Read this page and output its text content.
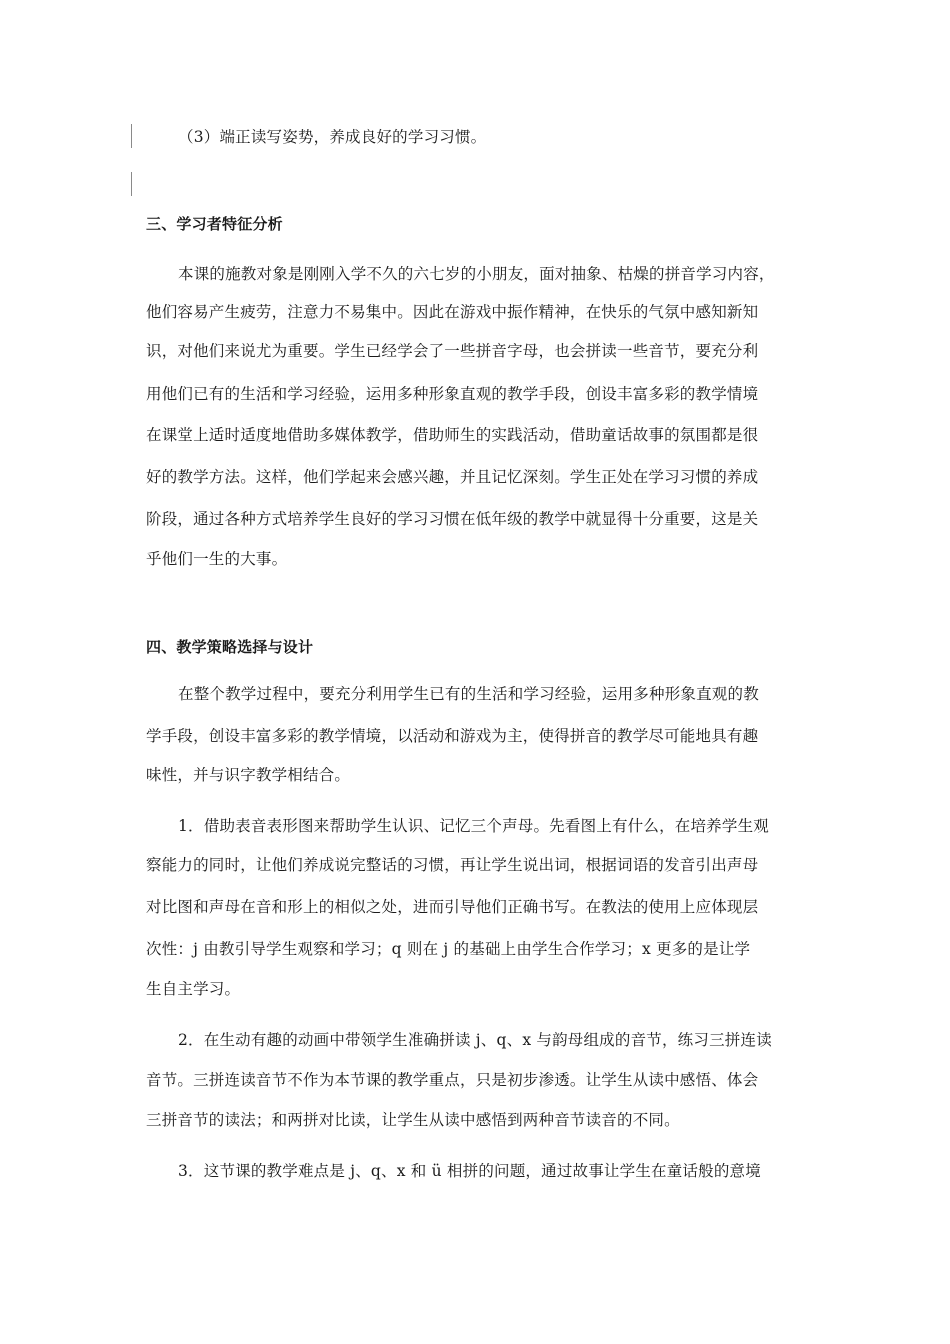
（3）端正读写姿势，养成良好的学习习惯。
三、学习者特征分析
本课的施教对象是刚刚入学不久的六七岁的小朋友，面对抽象、枯燥的拼音学习内容，
他们容易产生疲劳，注意力不易集中。因此在游戏中振作精神，在快乐的气氛中感知新知
识，对他们来说尤为重要。学生已经学会了一些拼音字母，也会拼读一些音节，要充分利
用他们已有的生活和学习经验，运用多种形象直观的教学手段，创设丰富多彩的教学情境
在课堂上适时适度地借助多媒体教学，借助师生的实践活动，借助童话故事的氛围都是很
好的教学方法。这样，他们学起来会感兴趣，并且记忆深刻。学生正处在学习习惯的养成
阶段，通过各种方式培养学生良好的学习习惯在低年级的教学中就显得十分重要，这是关
乎他们一生的大事。
四、教学策略选择与设计
在整个教学过程中，要充分利用学生已有的生活和学习经验，运用多种形象直观的教
学手段，创设丰富多彩的教学情境，以活动和游戏为主，使得拼音的教学尽可能地具有趣
味性，并与识字教学相结合。
1．借助表音表形图来帮助学生认识、记忆三个声母。先看图上有什么，在培养学生观
察能力的同时，让他们养成说完整话的习惯，再让学生说出词，根据词语的发音引出声母
对比图和声母在音和形上的相似之处，进而引导他们正确书写。在教法的使用上应体现层
次性：j 由教引导学生观察和学习；q 则在 j 的基础上由学生合作学习；x 更多的是让学
生自主学习。
2．在生动有趣的动画中带领学生准确拼读 j、q、x 与韵母组成的音节，练习三拼连读
音节。三拼连读音节不作为本节课的教学重点，只是初步渗透。让学生从读中感悟、体会
三拼音节的读法；和两拼对比读，让学生从读中感悟到两种音节读音的不同。
3．这节课的教学难点是 j、q、x 和 ü 相拼的问题，通过故事让学生在童话般的意境
